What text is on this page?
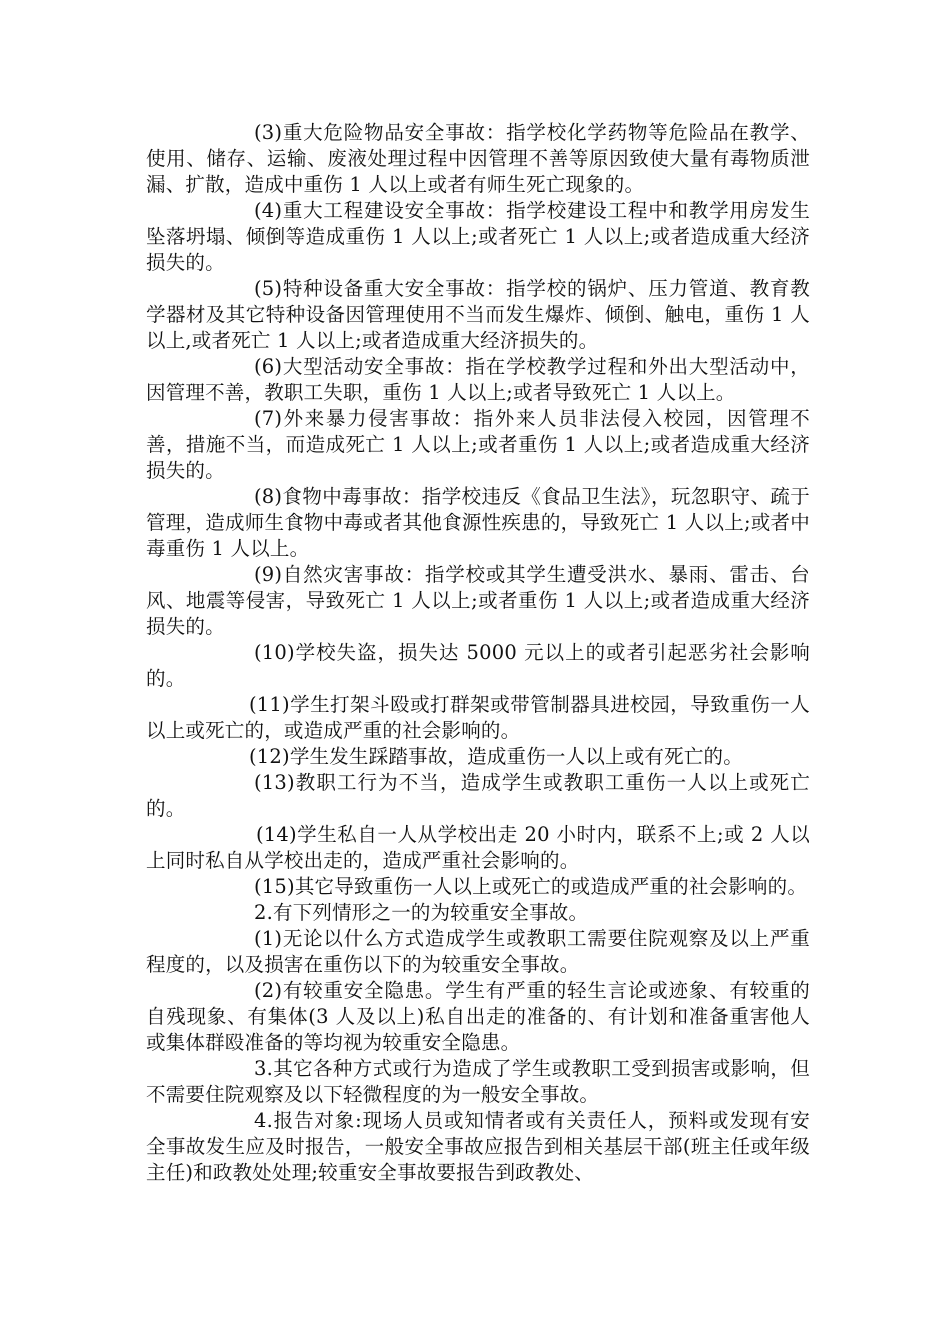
(3)重大危险物品安全事故：指学校化学药物等危险品在教学、使用、储存、运输、废液处理过程中因管理不善等原因致使大量有毒物质泄漏、扩散，造成中重伤 1 人以上或者有师生死亡现象的。

(4)重大工程建设安全事故：指学校建设工程中和教学用房发生坠落坍塌、倾倒等造成重伤 1 人以上;或者死亡 1 人以上;或者造成重大经济损失的。

(5)特种设备重大安全事故：指学校的锅炉、压力管道、教育教学器材及其它特种设备因管理使用不当而发生爆炸、倾倒、触电，重伤 1 人以上,或者死亡 1 人以上;或者造成重大经济损失的。

(6)大型活动安全事故：指在学校教学过程和外出大型活动中，因管理不善，教职工失职，重伤 1 人以上;或者导致死亡 1 人以上。

(7)外来暴力侵害事故：指外来人员非法侵入校园，因管理不善，措施不当，而造成死亡 1 人以上;或者重伤 1 人以上;或者造成重大经济损失的。

(8)食物中毒事故：指学校违反《食品卫生法》，玩忽职守、疏于管理，造成师生食物中毒或者其他食源性疾患的，导致死亡 1 人以上;或者中毒重伤 1 人以上。

(9)自然灾害事故：指学校或其学生遭受洪水、暴雨、雷击、台风、地震等侵害，导致死亡 1 人以上;或者重伤 1 人以上;或者造成重大经济损失的。

(10)学校失盗，损失达 5000 元以上的或者引起恶劣社会影响的。

(11)学生打架斗殴或打群架或带管制器具进校园，导致重伤一人以上或死亡的，或造成严重的社会影响的。

(12)学生发生踩踏事故，造成重伤一人以上或有死亡的。

(13)教职工行为不当，造成学生或教职工重伤一人以上或死亡的。

(14)学生私自一人从学校出走 20 小时内，联系不上;或 2 人以上同时私自从学校出走的，造成严重社会影响的。

(15)其它导致重伤一人以上或死亡的或造成严重的社会影响的。

2.有下列情形之一的为较重安全事故。

(1)无论以什么方式造成学生或教职工需要住院观察及以上严重程度的，以及损害在重伤以下的为较重安全事故。

(2)有较重安全隐患。学生有严重的轻生言论或迹象、有较重的自残现象、有集体(3 人及以上)私自出走的准备的、有计划和准备重害他人或集体群殴准备的等均视为较重安全隐患。

3.其它各种方式或行为造成了学生或教职工受到损害或影响，但不需要住院观察及以下轻微程度的为一般安全事故。

4.报告对象:现场人员或知情者或有关责任人，预料或发现有安全事故发生应及时报告，一般安全事故应报告到相关基层干部(班主任或年级主任)和政教处处理;较重安全事故要报告到政教处、
